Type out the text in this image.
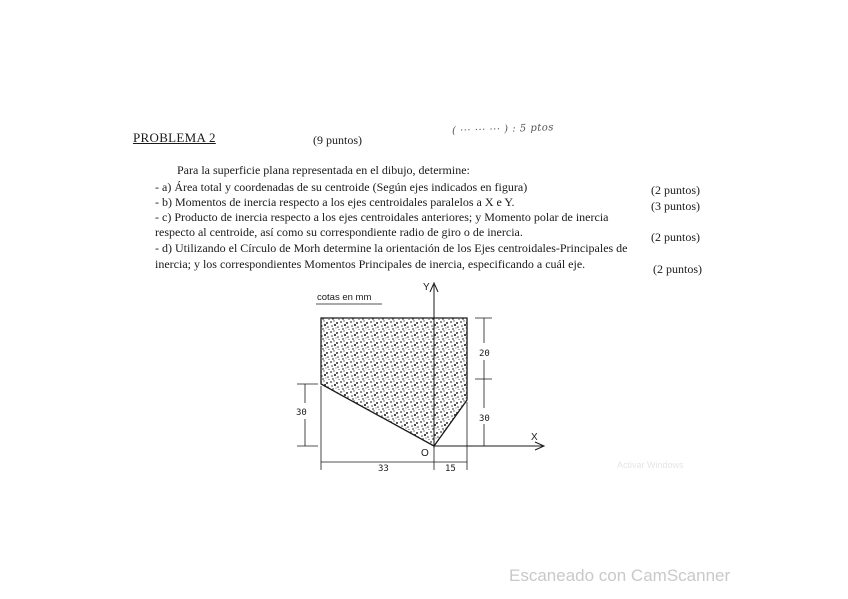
PROBLEMA 2	(9 puntos)
( ··· ··· ··· ) : 5 ptos
Para la superficie plana representada en el dibujo, determine:
- a) Área total y coordenadas de su centroide (Según ejes indicados en figura)	(2 puntos)
- b) Momentos de inercia respecto a los ejes centroidales paralelos a X e Y.	(3 puntos)
- c) Producto de inercia respecto a los ejes centroidales anteriores; y Momento polar de inercia
respecto al centroide, así como su correspondiente radio de giro o de inercia.	(2 puntos)
- d) Utilizando el Círculo de Morh determine la orientación de los Ejes centroidales-Principales de
inercia; y los correspondientes Momentos Principales de inercia, especificando a cuál eje.	(2 puntos)
cotas en mm
Y
X
O
20
30
30
33	15	Activar Windows
Escaneado con CamScanner
